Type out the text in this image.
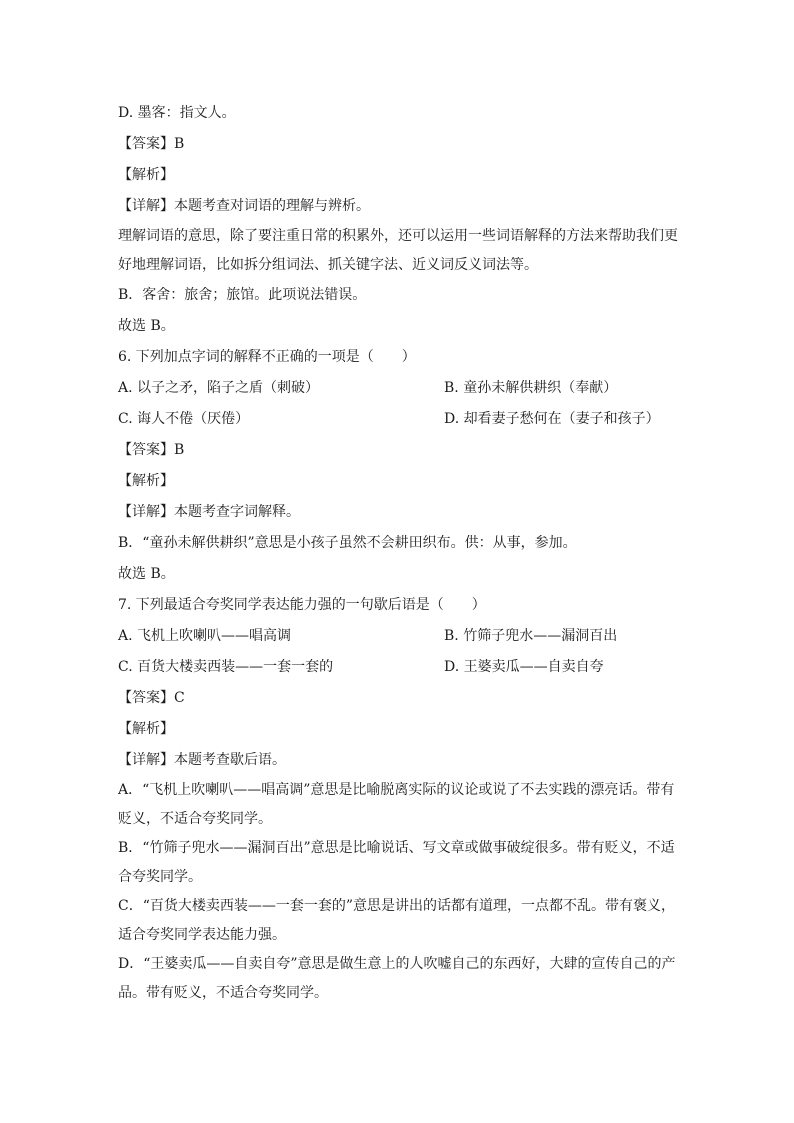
D. 墨客：指文人。
【答案】B
【解析】
【详解】本题考查对词语的理解与辨析。
理解词语的意思，除了要注重日常的积累外，还可以运用一些词语解释的方法来帮助我们更好地理解词语，比如拆分组词法、抓关键字法、近义词反义词法等。
B．客舍：旅舍；旅馆。此项说法错误。
故选 B。
6. 下列加点字词的解释不正确的一项是（　　）
A. 以子之矛，陷子之盾（刺破）	B. 童孙未解供耕织（奉献）
C. 诲人不倦（厌倦）	D. 却看妻子愁何在（妻子和孩子）
【答案】B
【解析】
【详解】本题考查字词解释。
B．“童孙未解供耕织”意思是小孩子虽然不会耕田织布。供：从事，参加。
故选 B。
7. 下列最适合夸奖同学表达能力强的一句歇后语是（　　）
A. 飞机上吹喇叭——唱高调	B. 竹筛子兜水——漏洞百出
C. 百货大楼卖西装——一套一套的	D. 王婆卖瓜——自卖自夸
【答案】C
【解析】
【详解】本题考查歇后语。
A．“飞机上吹喇叭——唱高调”意思是比喻脱离实际的议论或说了不去实践的漂亮话。带有贬义，不适合夸奖同学。
B．“竹筛子兜水——漏洞百出”意思是比喻说话、写文章或做事破绽很多。带有贬义，不适合夸奖同学。
C．“百货大楼卖西装——一套一套的”意思是讲出的话都有道理，一点都不乱。带有褒义，适合夸奖同学表达能力强。
D．“王婆卖瓜——自卖自夸”意思是做生意上的人吹嘘自己的东西好，大肆的宣传自己的产品。带有贬义，不适合夸奖同学。
